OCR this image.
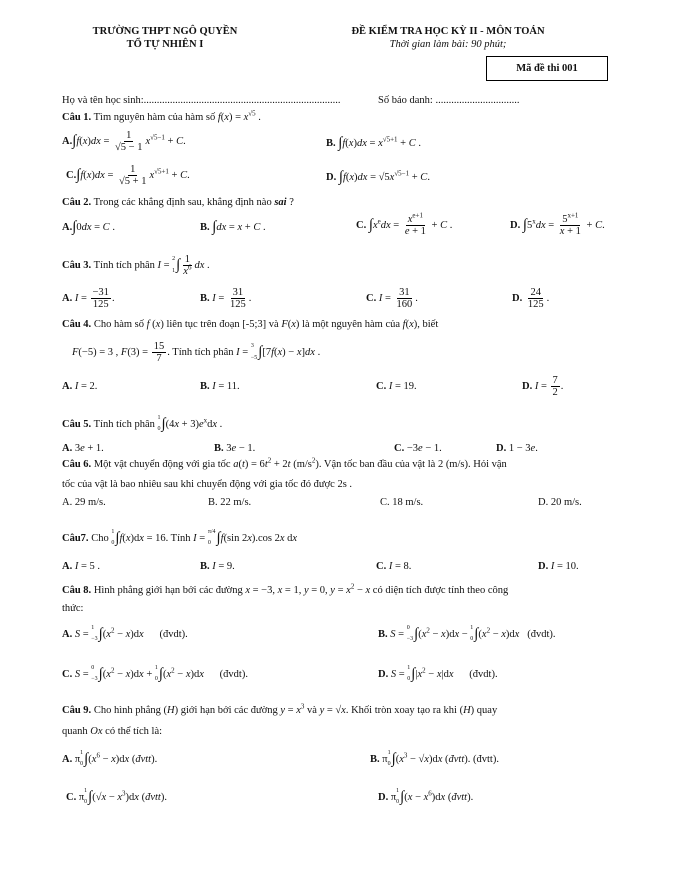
TRƯỜNG THPT NGÔ QUYỀN
TỔ TỰ NHIÊN I
ĐỀ KIỂM TRA HỌC KỲ II - MÔN TOÁN
Thời gian làm bài: 90 phút;
Mã đề thi 001
Họ và tên học sinh:...........................................................................	Số báo danh: ................................
Câu 1. Tìm nguyên hàm của hàm số $f(x) = x^{√5}$ .
$A.\int f(x)dx = \frac{1}{√5 - 1} x^{√5-1} + C$.	B. $\int f(x)dx = x^{√5+1} + C$ .
$C.\int f(x)dx = \frac{1}{√5 + 1} x^{√5+1} + C$.	D. $\int f(x)dx = √5x^{√5-1} + C$.
Câu 2. Trong các khẳng định sau, khẳng định nào sai ?
A.∫0dx = C .	B. ∫dx = x + C .	C. $\int x^edx = \frac{x^{e+1}}{e + 1} + C$ .	D. $\int 5^xdx = \frac{5^{x+1}}{x + 1} + C$.
Câu 3. Tính tích phân I =
2
1 ∫ $\frac{1}{x^6}$ dx .
A. $I = \frac{-31}{125}$ .	B. $I = \frac{31}{125}$ .	C. $I = \frac{31}{160}$ .	D. $\frac{24}{125}$ .
Câu 4. Cho hàm số f (x) liên tục trên đoạn [-5;3] và F(x) là một nguyên hàm của f(x), biết
F(−5) = 3 , $F(3) = \frac{15}{7}$ . Tính tích phân I =
3
−5 ∫[7f(x) − x]dx .
A. I = 2.	B. I = 11.	C. I = 19.	D. $I = \frac{7}{2}$ .
Câu 5. Tính tích phân
1
0 $\int(4x + 3)e^xdx$ .
A. 3e + 1.	B. 3e − 1.	C. −3e − 1.	D. 1 − 3e.
Câu 6. Một vật chuyển động với gia tốc $a(t) = 6t^2 + 2t$ $(m/s^2)$. Vận tốc ban đầu của vật là 2 (m/s). Hỏi vận
tốc của vật là bao nhiêu sau khi chuyển động với gia tốc đó được 2s .
A. 29 m/s.	B. 22 m/s.	C. 18 m/s.	D. 20 m/s.
Câu7. Cho
1
0 ∫f(x)dx = 16. Tính I =
π/4
0 ∫f(sin 2x).cos 2x dx
A. I = 5 .	B. I = 9.	C. I = 8.	D. I = 10.
Câu 8. Hình phẳng giới hạn bởi các đường x = −3, x = 1, y = 0, $y = x^2 - x$ có diện tích được tính theo công
thức:
A. S =
1
−3 $\int(x^2 - x)dx$ (đvdt).	B. S =
0
−3 $\int(x^2 - x)dx$ −
1
0 $\int(x^2 - x)dx$ (đvdt).
C. S =
0
−3 $\int(x^2 - x)dx$ +
1
0 $\int(x^2 - x)dx$ (đvdt).	D. S =
1
0 $\int|x^2 - x|dx$ (đvdt).
Câu 9. Cho hình phẳng (H) giới hạn bởi các đường $y = x^3$ và y = √x. Khối tròn xoay tạo ra khi (H) quay
quanh Ox có thể tích là:
A. π
1
0 $\int(x^6 - x)dx$ (đvtt).	B. π
1
0 $\int(x^3 - √x)dx$ (đvtt). (đvtt).
C. π
1
0 $\int(√x - x^3)dx$ (đvtt).	D. π
1
0 $\int(x - x^6)dx$ (đvtt).
